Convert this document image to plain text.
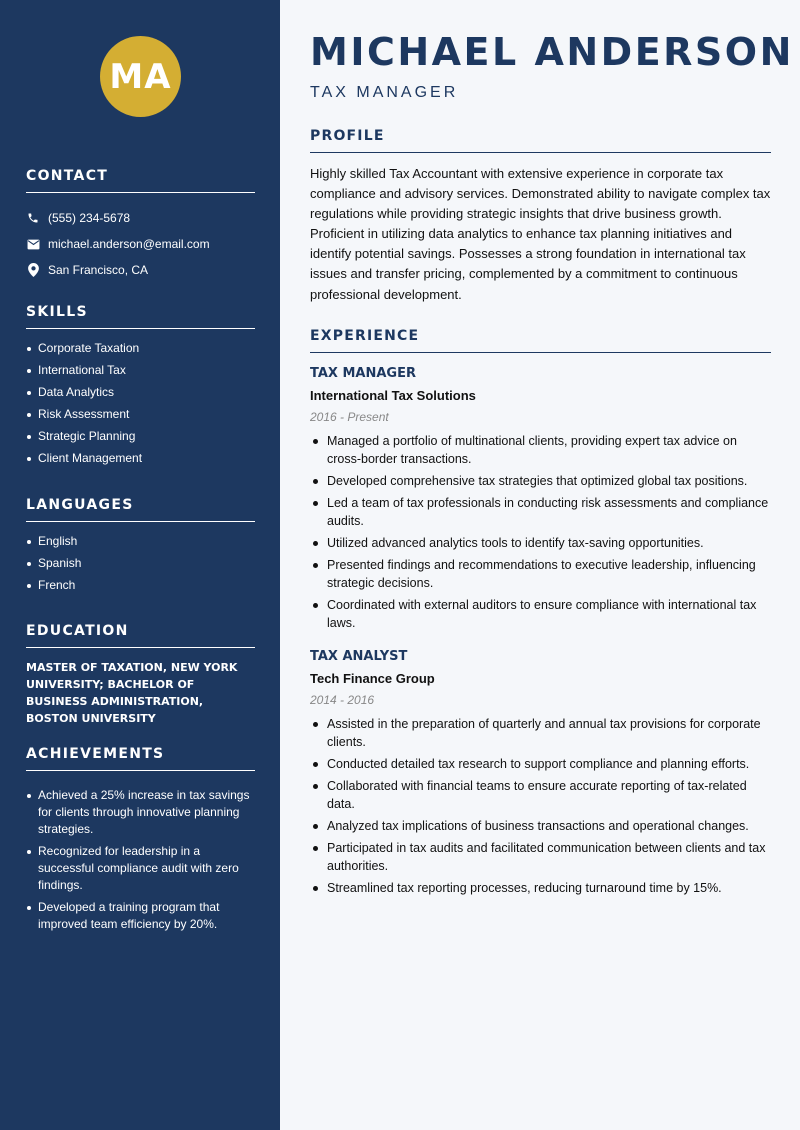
MA
CONTACT
(555) 234-5678
michael.anderson@email.com
San Francisco, CA
SKILLS
Corporate Taxation
International Tax
Data Analytics
Risk Assessment
Strategic Planning
Client Management
LANGUAGES
English
Spanish
French
EDUCATION
MASTER OF TAXATION, NEW YORK UNIVERSITY; BACHELOR OF BUSINESS ADMINISTRATION, BOSTON UNIVERSITY
ACHIEVEMENTS
Achieved a 25% increase in tax savings for clients through innovative planning strategies.
Recognized for leadership in a successful compliance audit with zero findings.
Developed a training program that improved team efficiency by 20%.
MICHAEL ANDERSON
TAX MANAGER
PROFILE
Highly skilled Tax Accountant with extensive experience in corporate tax compliance and advisory services. Demonstrated ability to navigate complex tax regulations while providing strategic insights that drive business growth. Proficient in utilizing data analytics to enhance tax planning initiatives and identify potential savings. Possesses a strong foundation in international tax issues and transfer pricing, complemented by a commitment to continuous professional development.
EXPERIENCE
TAX MANAGER
International Tax Solutions
2016 - Present
Managed a portfolio of multinational clients, providing expert tax advice on cross-border transactions.
Developed comprehensive tax strategies that optimized global tax positions.
Led a team of tax professionals in conducting risk assessments and compliance audits.
Utilized advanced analytics tools to identify tax-saving opportunities.
Presented findings and recommendations to executive leadership, influencing strategic decisions.
Coordinated with external auditors to ensure compliance with international tax laws.
TAX ANALYST
Tech Finance Group
2014 - 2016
Assisted in the preparation of quarterly and annual tax provisions for corporate clients.
Conducted detailed tax research to support compliance and planning efforts.
Collaborated with financial teams to ensure accurate reporting of tax-related data.
Analyzed tax implications of business transactions and operational changes.
Participated in tax audits and facilitated communication between clients and tax authorities.
Streamlined tax reporting processes, reducing turnaround time by 15%.
